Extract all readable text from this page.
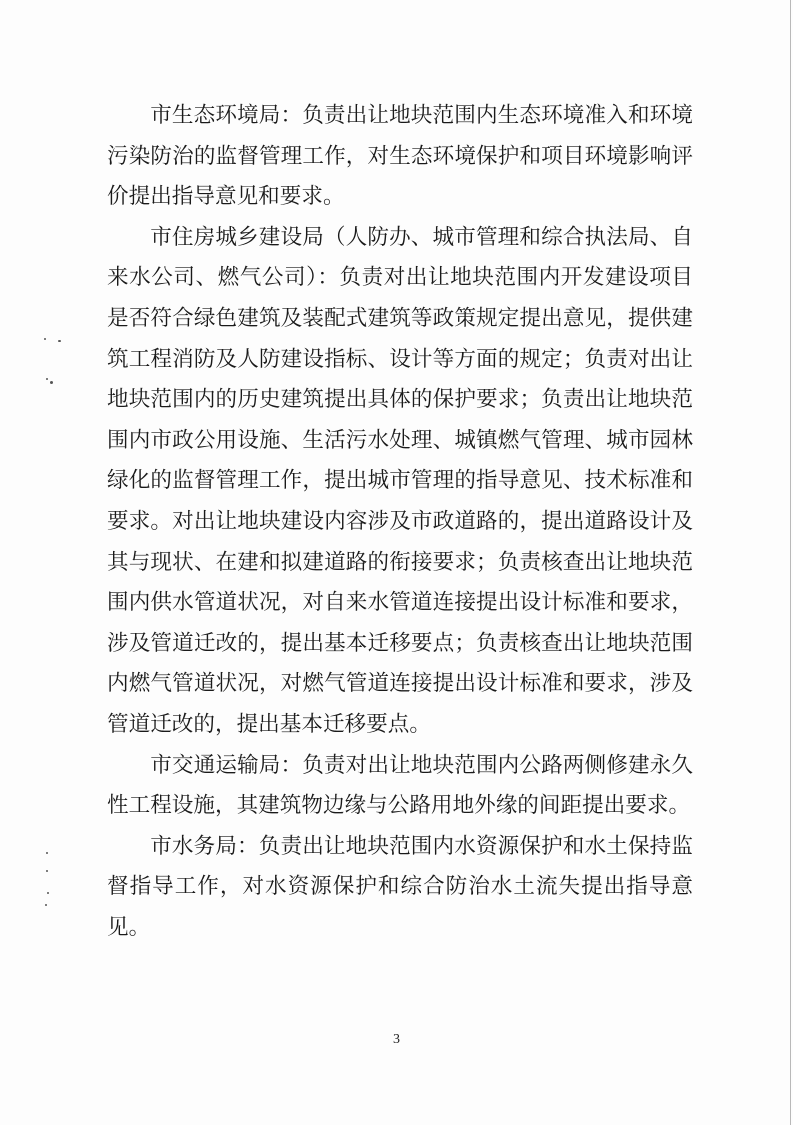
市生态环境局：负责出让地块范围内生态环境准入和环境污染防治的监督管理工作，对生态环境保护和项目环境影响评价提出指导意见和要求。

市住房城乡建设局（人防办、城市管理和综合执法局、自来水公司、燃气公司）：负责对出让地块范围内开发建设项目是否符合绿色建筑及装配式建筑等政策规定提出意见，提供建筑工程消防及人防建设指标、设计等方面的规定；负责对出让地块范围内的历史建筑提出具体的保护要求；负责出让地块范围内市政公用设施、生活污水处理、城镇燃气管理、城市园林绿化的监督管理工作，提出城市管理的指导意见、技术标准和要求。对出让地块建设内容涉及市政道路的，提出道路设计及其与现状、在建和拟建道路的衔接要求；负责核查出让地块范围内供水管道状况，对自来水管道连接提出设计标准和要求，涉及管道迁改的，提出基本迁移要点；负责核查出让地块范围内燃气管道状况，对燃气管道连接提出设计标准和要求，涉及管道迁改的，提出基本迁移要点。

市交通运输局：负责对出让地块范围内公路两侧修建永久性工程设施，其建筑物边缘与公路用地外缘的间距提出要求。

市水务局：负责出让地块范围内水资源保护和水土保持监督指导工作，对水资源保护和综合防治水土流失提出指导意见。

3
